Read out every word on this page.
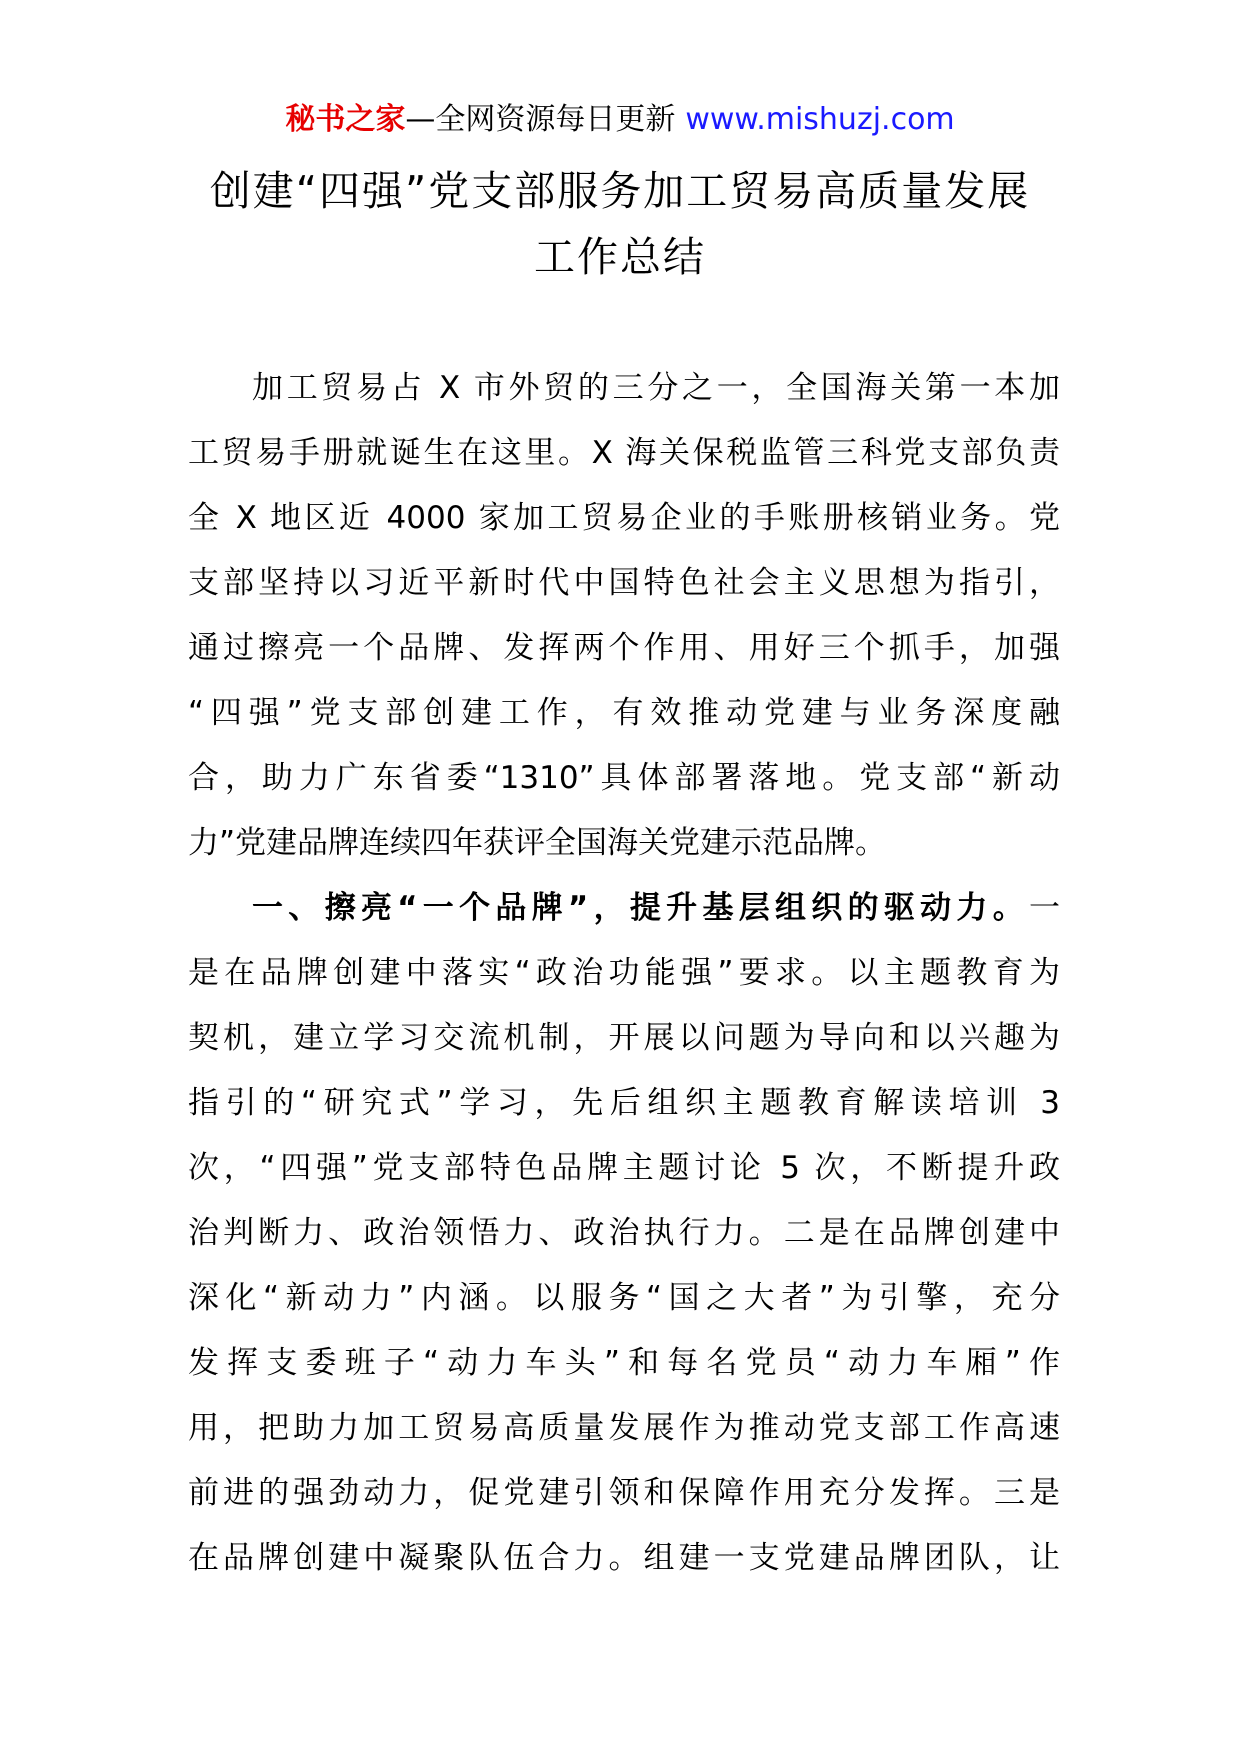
秘书之家—全网资源每日更新 www.mishuzj.com
创建“四强”党支部服务加工贸易高质量发展
工作总结
加工贸易占 X 市外贸的三分之一，全国海关第一本加
工贸易手册就诞生在这里。X 海关保税监管三科党支部负责
全 X 地区近 4000 家加工贸易企业的手账册核销业务。党
支部坚持以习近平新时代中国特色社会主义思想为指引，
通过擦亮一个品牌、发挥两个作用、用好三个抓手，加强
“四强”党支部创建工作，有效推动党建与业务深度融
合，助力广东省委“1310”具体部署落地。党支部“新动
力”党建品牌连续四年获评全国海关党建示范品牌。
一、擦亮“一个品牌”，提升基层组织的驱动力。一
是在品牌创建中落实“政治功能强”要求。以主题教育为
契机，建立学习交流机制，开展以问题为导向和以兴趣为
指引的“研究式”学习，先后组织主题教育解读培训 3
次，“四强”党支部特色品牌主题讨论 5 次，不断提升政
治判断力、政治领悟力、政治执行力。二是在品牌创建中
深化“新动力”内涵。以服务“国之大者”为引擎，充分
发挥支委班子“动力车头”和每名党员“动力车厢”作
用，把助力加工贸易高质量发展作为推动党支部工作高速
前进的强劲动力，促党建引领和保障作用充分发挥。三是
在品牌创建中凝聚队伍合力。组建一支党建品牌团队，让
